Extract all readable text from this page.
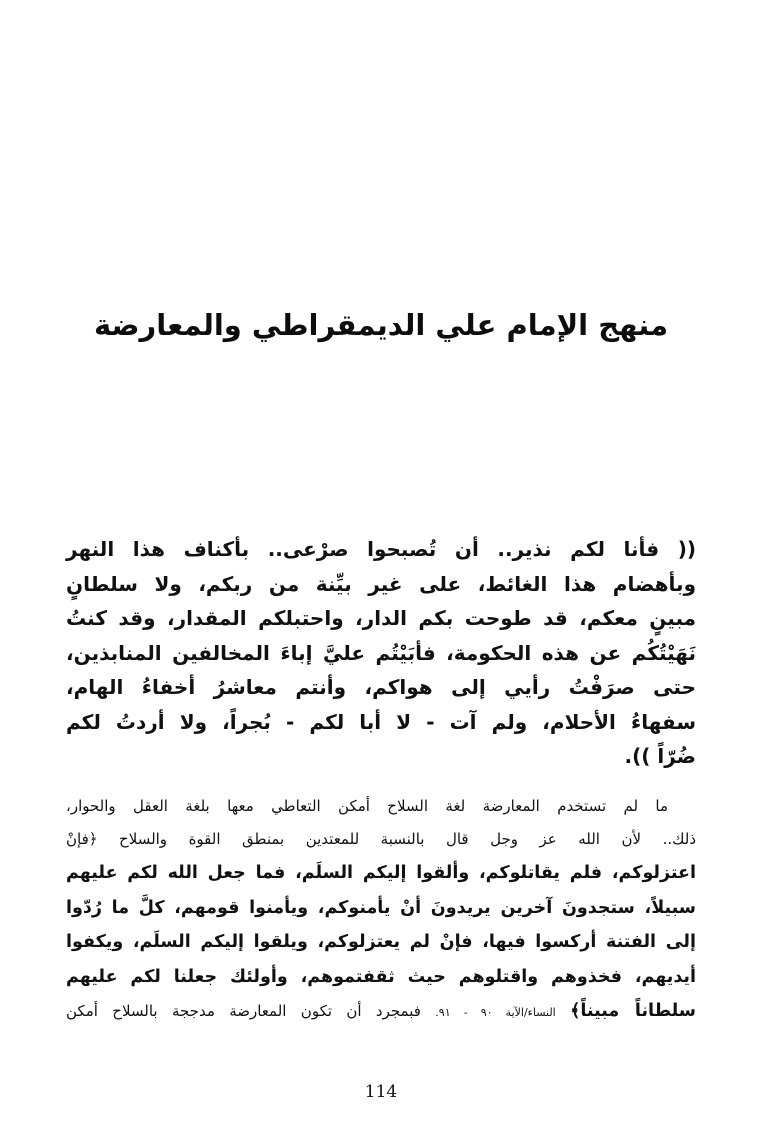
منهج الإمام علي الديمقراطي والمعارضة
(( فأنا لكم نذير.. أن تُصبحوا صرْعى.. بأكناف هذا النهر
وبأهضام هذا الغائط، على غير بيِّنة من ربكم، ولا سلطانٍ
مبينٍ معكم، قد طوحت بكم الدار، واحتبلكم المقدار، وقد كنتُ
نَهَيْتُكُم عن هذه الحكومة، فأبَيْتُم عليَّ إباءَ المخالفين المنابذين،
حتى صرَفْتُ رأيي إلى هواكم، وأنتم معاشرُ أخفاءُ الهام،
سفهاءُ الأحلام، ولم آت - لا أبا لكم - بُجراً، ولا أردتُ لكم
ضُرّاً )).
ما لم تستخدم المعارضة لغة السلاح أمكن التعاطي معها بلغة العقل والحوار،
ذلك.. لأن الله عز وجل قال بالنسبة للمعتدين بمنطق القوة والسلاح ﴿فإنْ
اعتزلوكم، فلم يقاتلوكم، وألقوا إليكم السلَم، فما جعل الله لكم عليهم
سبيلاً، ستجدونَ آخرين يريدونَ أنْ يأمنوكم، ويأمنوا قومهم، كلَّ ما رُدّوا
إلى الفتنة أركسوا فيها، فإنْ لم يعتزلوكم، ويلقوا إليكم السلَم، ويكفوا
أيديهم، فخذوهم واقتلوهم حيث ثقفتموهم، وأولئك جعلنا لكم عليهم
سلطاناً مبيناً﴾ النساء/الآية ٩٠ - ٩١. فبمجرد أن تكون المعارضة مدججة بالسلاح أمكن
114
